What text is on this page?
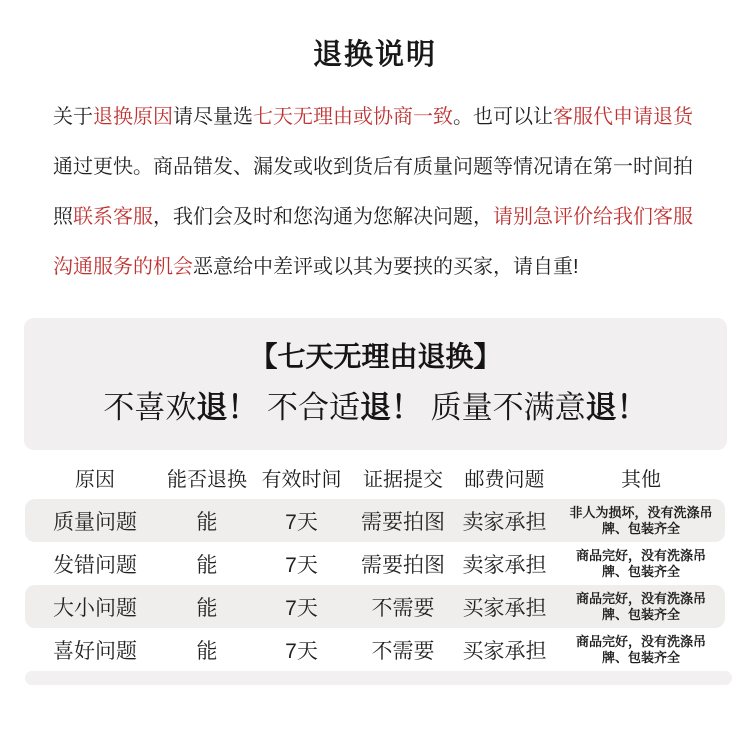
退换说明
关于退换原因请尽量选七天无理由或协商一致。也可以让客服代申请退货
通过更快。商品错发、漏发或收到货后有质量问题等情况请在第一时间拍
照联系客服，我们会及时和您沟通为您解决问题，请别急评价给我们客服
沟通服务的机会恶意给中差评或以其为要挟的买家，请自重!
【七天无理由退换】
不喜欢退！ 不合适退！ 质量不满意退！
原因	能否退换 有效时间	证据提交	邮费问题	其他
质量问题	能	7天	需要拍图 卖家承担	非人为损坏，没有洗涤吊牌、包装齐全
发错问题	能	7天	需要拍图 卖家承担	商品完好，没有洗涤吊牌、包装齐全
大小问题	能	7天	不需要	买家承担	商品完好，没有洗涤吊牌、包装齐全
喜好问题	能	7天	不需要	买家承担	商品完好，没有洗涤吊牌、包装齐全
